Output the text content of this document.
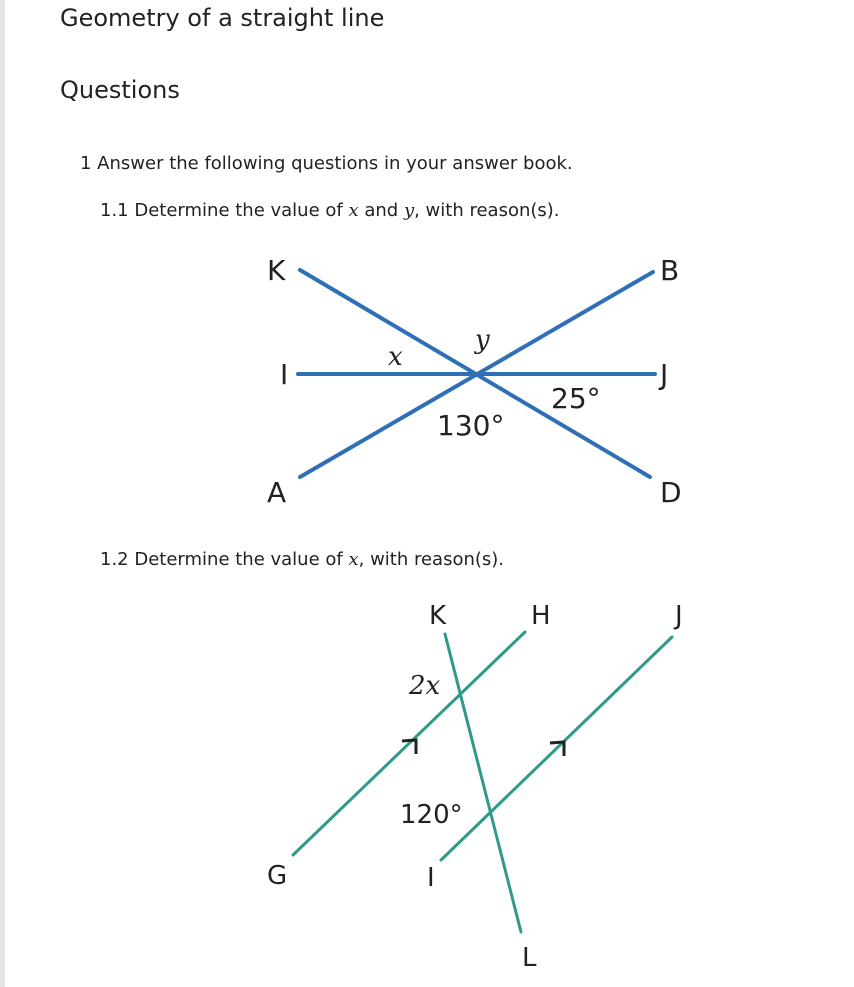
Geometry of a straight line
Questions
1 Answer the following questions in your answer book.
1.1 Determine the value of x and y, with reason(s).
1.2 Determine the value of x, with reason(s).
K	B
I	J
A	D
x
y
25°
130°
K	H	J
G	I
L
2x
120°
